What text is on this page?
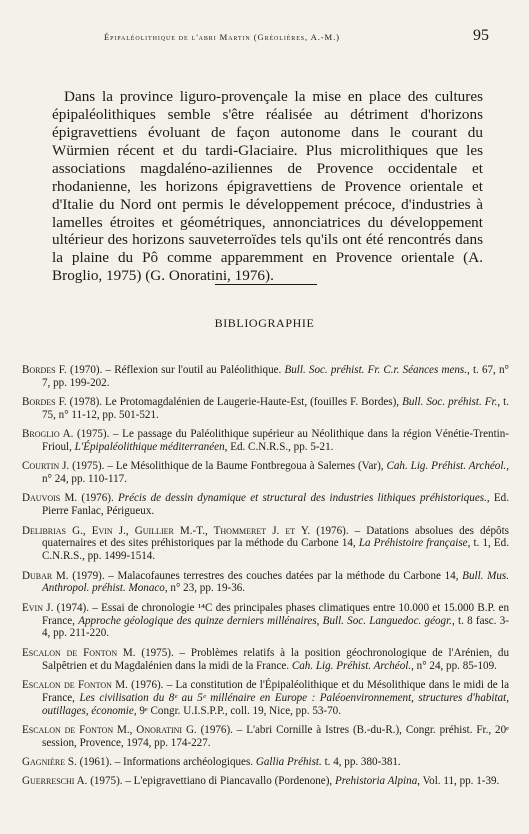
Épipaléolithique de l'abri Martin (Gréolières, A.-M.)	95

Dans la province liguro-provençale la mise en place des cultures épipaléolithiques semble s'être réalisée au détriment d'horizons épigravettiens évoluant de façon autonome dans le courant du Würmien récent et du tardi-Glaciaire. Plus microlithiques que les associations magdaléno-aziliennes de Provence occidentale et rhodanienne, les horizons épigravettiens de Provence orientale et d'Italie du Nord ont permis le développement précoce, d'industries à lamelles étroites et géométriques, annonciatrices du développement ultérieur des horizons sauveterroïdes tels qu'ils ont été rencontrés dans la plaine du Pô comme apparemment en Provence orientale (A. Broglio, 1975) (G. Onoratini, 1976).

BIBLIOGRAPHIE
Bordes F. (1970). – Réflexion sur l'outil au Paléolithique. Bull. Soc. préhist. Fr. C.r. Séances mens., t. 67, n° 7, pp. 199-202.
Bordes F. (1978). Le Protomagdalénien de Laugerie-Haute-Est, (fouilles F. Bordes), Bull. Soc. préhist. Fr., t. 75, n° 11-12, pp. 501-521.
Broglio A. (1975). – Le passage du Paléolithique supérieur au Néolithique dans la région Vénétie-Trentin-Frioul, L'Épipaléolithique méditerranéen, Ed. C.N.R.S., pp. 5-21.
Courtin J. (1975). – Le Mésolithique de la Baume Fontbregoua à Salernes (Var), Cah. Lig. Préhist. Archéol., n° 24, pp. 110-117.
Dauvois M. (1976). Précis de dessin dynamique et structural des industries lithiques préhistoriques., Ed. Pierre Fanlac, Périgueux.
Delibrias G., Evin J., Guillier M.-T., Thommeret J. et Y. (1976). – Datations absolues des dépôts quaternaires et des sites préhistoriques par la méthode du Carbone 14, La Préhistoire française, t. 1, Ed. C.N.R.S., pp. 1499-1514.
Dubar M. (1979). – Malacofaunes terrestres des couches datées par la méthode du Carbone 14, Bull. Mus. Anthropol. préhist. Monaco, n° 23, pp. 19-36.
Evin J. (1974). – Essai de chronologie ¹⁴C des principales phases climatiques entre 10.000 et 15.000 B.P. en France, Approche géologique des quinze derniers millénaires, Bull. Soc. Languedoc. géogr., t. 8 fasc. 3-4, pp. 211-220.
Escalon de Fonton M. (1975). – Problèmes relatifs à la position géochronologique de l'Arénien, du Salpêtrien et du Magdalénien dans la midi de la France. Cah. Lig. Préhist. Archéol., n° 24, pp. 85-109.
Escalon de Fonton M. (1976). – La constitution de l'Épipaléolithique et du Mésolithique dans le midi de la France, Les civilisation du 8ᵉ au 5ᵉ millénaire en Europe : Paléoenvironnement, structures d'habitat, outillages, économie, 9ᵉ Congr. U.I.S.P.P., coll. 19, Nice, pp. 53-70.
Escalon de Fonton M., Onoratini G. (1976). – L'abri Cornille à Istres (B.-du-R.), Congr. préhist. Fr., 20ᵉ session, Provence, 1974, pp. 174-227.
Gagnière S. (1961). – Informations archéologiques. Gallia Préhist. t. 4, pp. 380-381.
Guerreschi A. (1975). – L'epigravettiano di Piancavallo (Pordenone), Prehistoria Alpina, Vol. 11, pp. 1-39.
